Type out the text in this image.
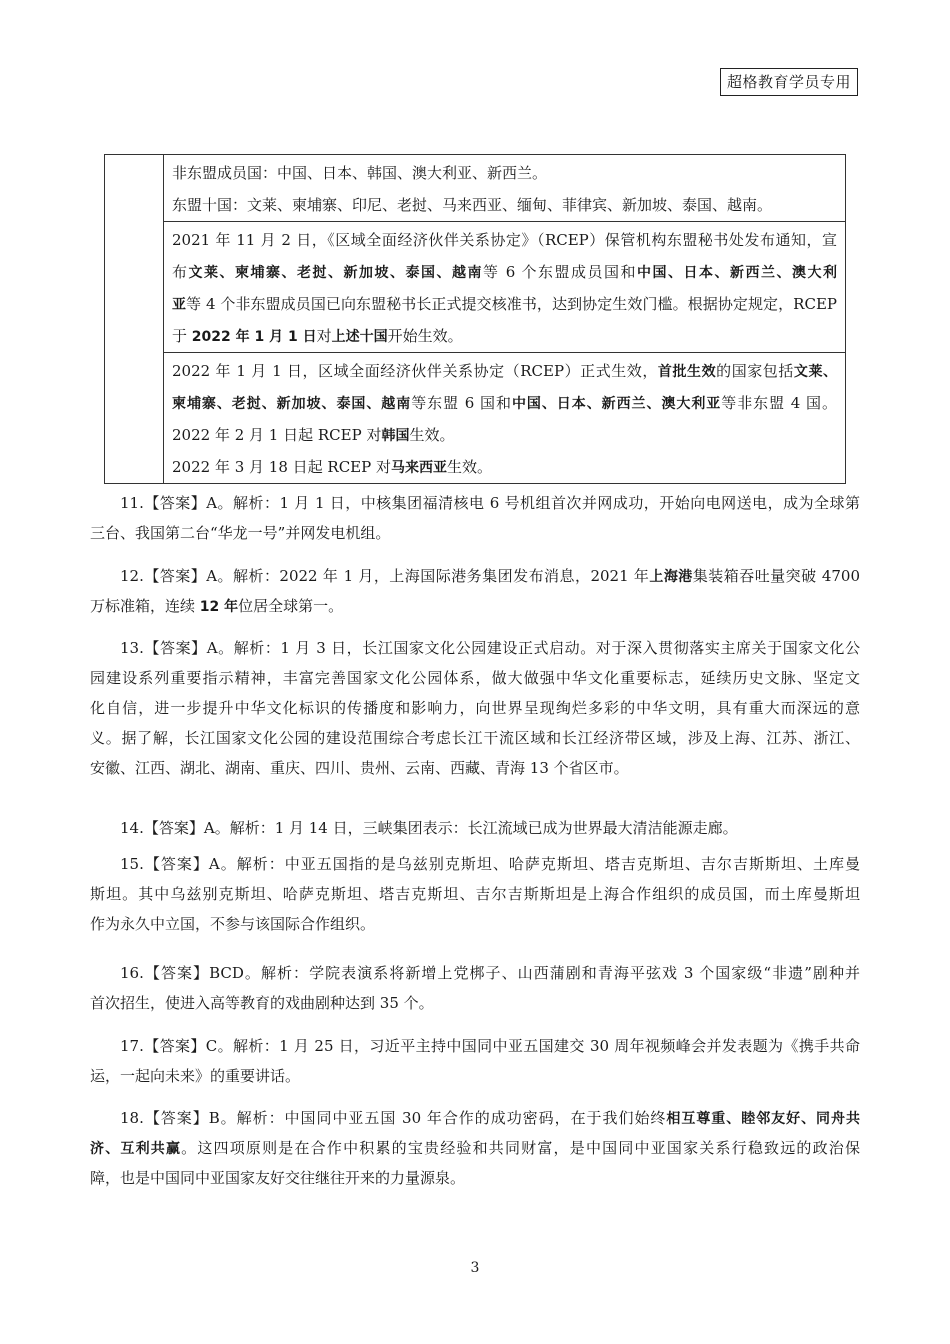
超格教育学员专用

非东盟成员国：中国、日本、韩国、澳大利亚、新西兰。
东盟十国：文莱、柬埔寨、印尼、老挝、马来西亚、缅甸、菲律宾、新加坡、泰国、越南。

2021 年 11 月 2 日，《区域全面经济伙伴关系协定》（RCEP）保管机构东盟秘书处发布通知，宣
布文莱、柬埔寨、老挝、新加坡、泰国、越南等 6 个东盟成员国和中国、日本、新西兰、澳大利
亚等 4 个非东盟成员国已向东盟秘书长正式提交核准书，达到协定生效门槛。根据协定规定，RCEP
于 2022 年 1 月 1 日对上述十国开始生效。

2022 年 1 月 1 日，区域全面经济伙伴关系协定（RCEP）正式生效，首批生效的国家包括文莱、
柬埔寨、老挝、新加坡、泰国、越南等东盟 6 国和中国、日本、新西兰、澳大利亚等非东盟 4 国。
2022 年 2 月 1 日起 RCEP 对韩国生效。
2022 年 3 月 18 日起 RCEP 对马来西亚生效。
11.【答案】A。解析：1 月 1 日，中核集团福清核电 6 号机组首次并网成功，开始向电网送电，成为全球第
三台、我国第二台“华龙一号”并网发电机组。
12.【答案】A。解析：2022 年 1 月，上海国际港务集团发布消息，2021 年上海港集装箱吞吐量突破 4700
万标准箱，连续 12 年位居全球第一。
13.【答案】A。解析：1 月 3 日，长江国家文化公园建设正式启动。对于深入贯彻落实主席关于国家文化公
园建设系列重要指示精神，丰富完善国家文化公园体系，做大做强中华文化重要标志，延续历史文脉、坚定文
化自信，进一步提升中华文化标识的传播度和影响力，向世界呈现绚烂多彩的中华文明，具有重大而深远的意
义。据了解，长江国家文化公园的建设范围综合考虑长江干流区域和长江经济带区域，涉及上海、江苏、浙江、
安徽、江西、湖北、湖南、重庆、四川、贵州、云南、西藏、青海 13 个省区市。
14.【答案】A。解析：1 月 14 日，三峡集团表示：长江流域已成为世界最大清洁能源走廊。
15.【答案】A。解析：中亚五国指的是乌兹别克斯坦、哈萨克斯坦、塔吉克斯坦、吉尔吉斯斯坦、土库曼
斯坦。其中乌兹别克斯坦、哈萨克斯坦、塔吉克斯坦、吉尔吉斯斯坦是上海合作组织的成员国，而土库曼斯坦
作为永久中立国，不参与该国际合作组织。
16.【答案】BCD。解析：学院表演系将新增上党梆子、山西蒲剧和青海平弦戏 3 个国家级“非遗”剧种并
首次招生，使进入高等教育的戏曲剧种达到 35 个。
17.【答案】C。解析：1 月 25 日，习近平主持中国同中亚五国建交 30 周年视频峰会并发表题为《携手共命
运，一起向未来》的重要讲话。
18.【答案】B。解析：中国同中亚五国 30 年合作的成功密码，在于我们始终相互尊重、睦邻友好、同舟共
济、互利共赢。这四项原则是在合作中积累的宝贵经验和共同财富，是中国同中亚国家关系行稳致远的政治保
障，也是中国同中亚国家友好交往继往开来的力量源泉。
3
